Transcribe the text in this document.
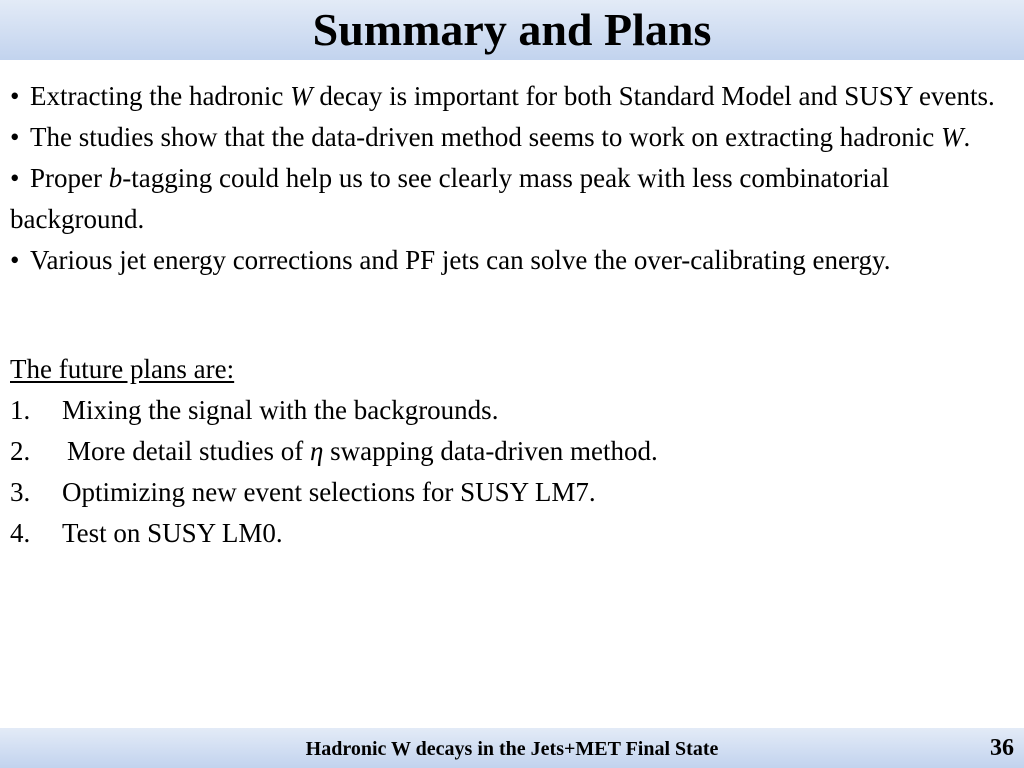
Summary and Plans

• Extracting the hadronic W decay is important for both Standard Model and SUSY events.

• The studies show that the data-driven method seems to work on extracting hadronic W.

• Proper b-tagging could help us to see clearly mass peak with less combinatorial background.

• Various jet energy corrections and PF jets can solve the over-calibrating energy.

The future plans are:

1.	Mixing the signal with the backgrounds.
2.	More detail studies of η swapping data-driven method.
3.	Optimizing new event selections for SUSY LM7.
4.	Test on SUSY LM0.
Hadronic W decays in the Jets+MET Final State	36
